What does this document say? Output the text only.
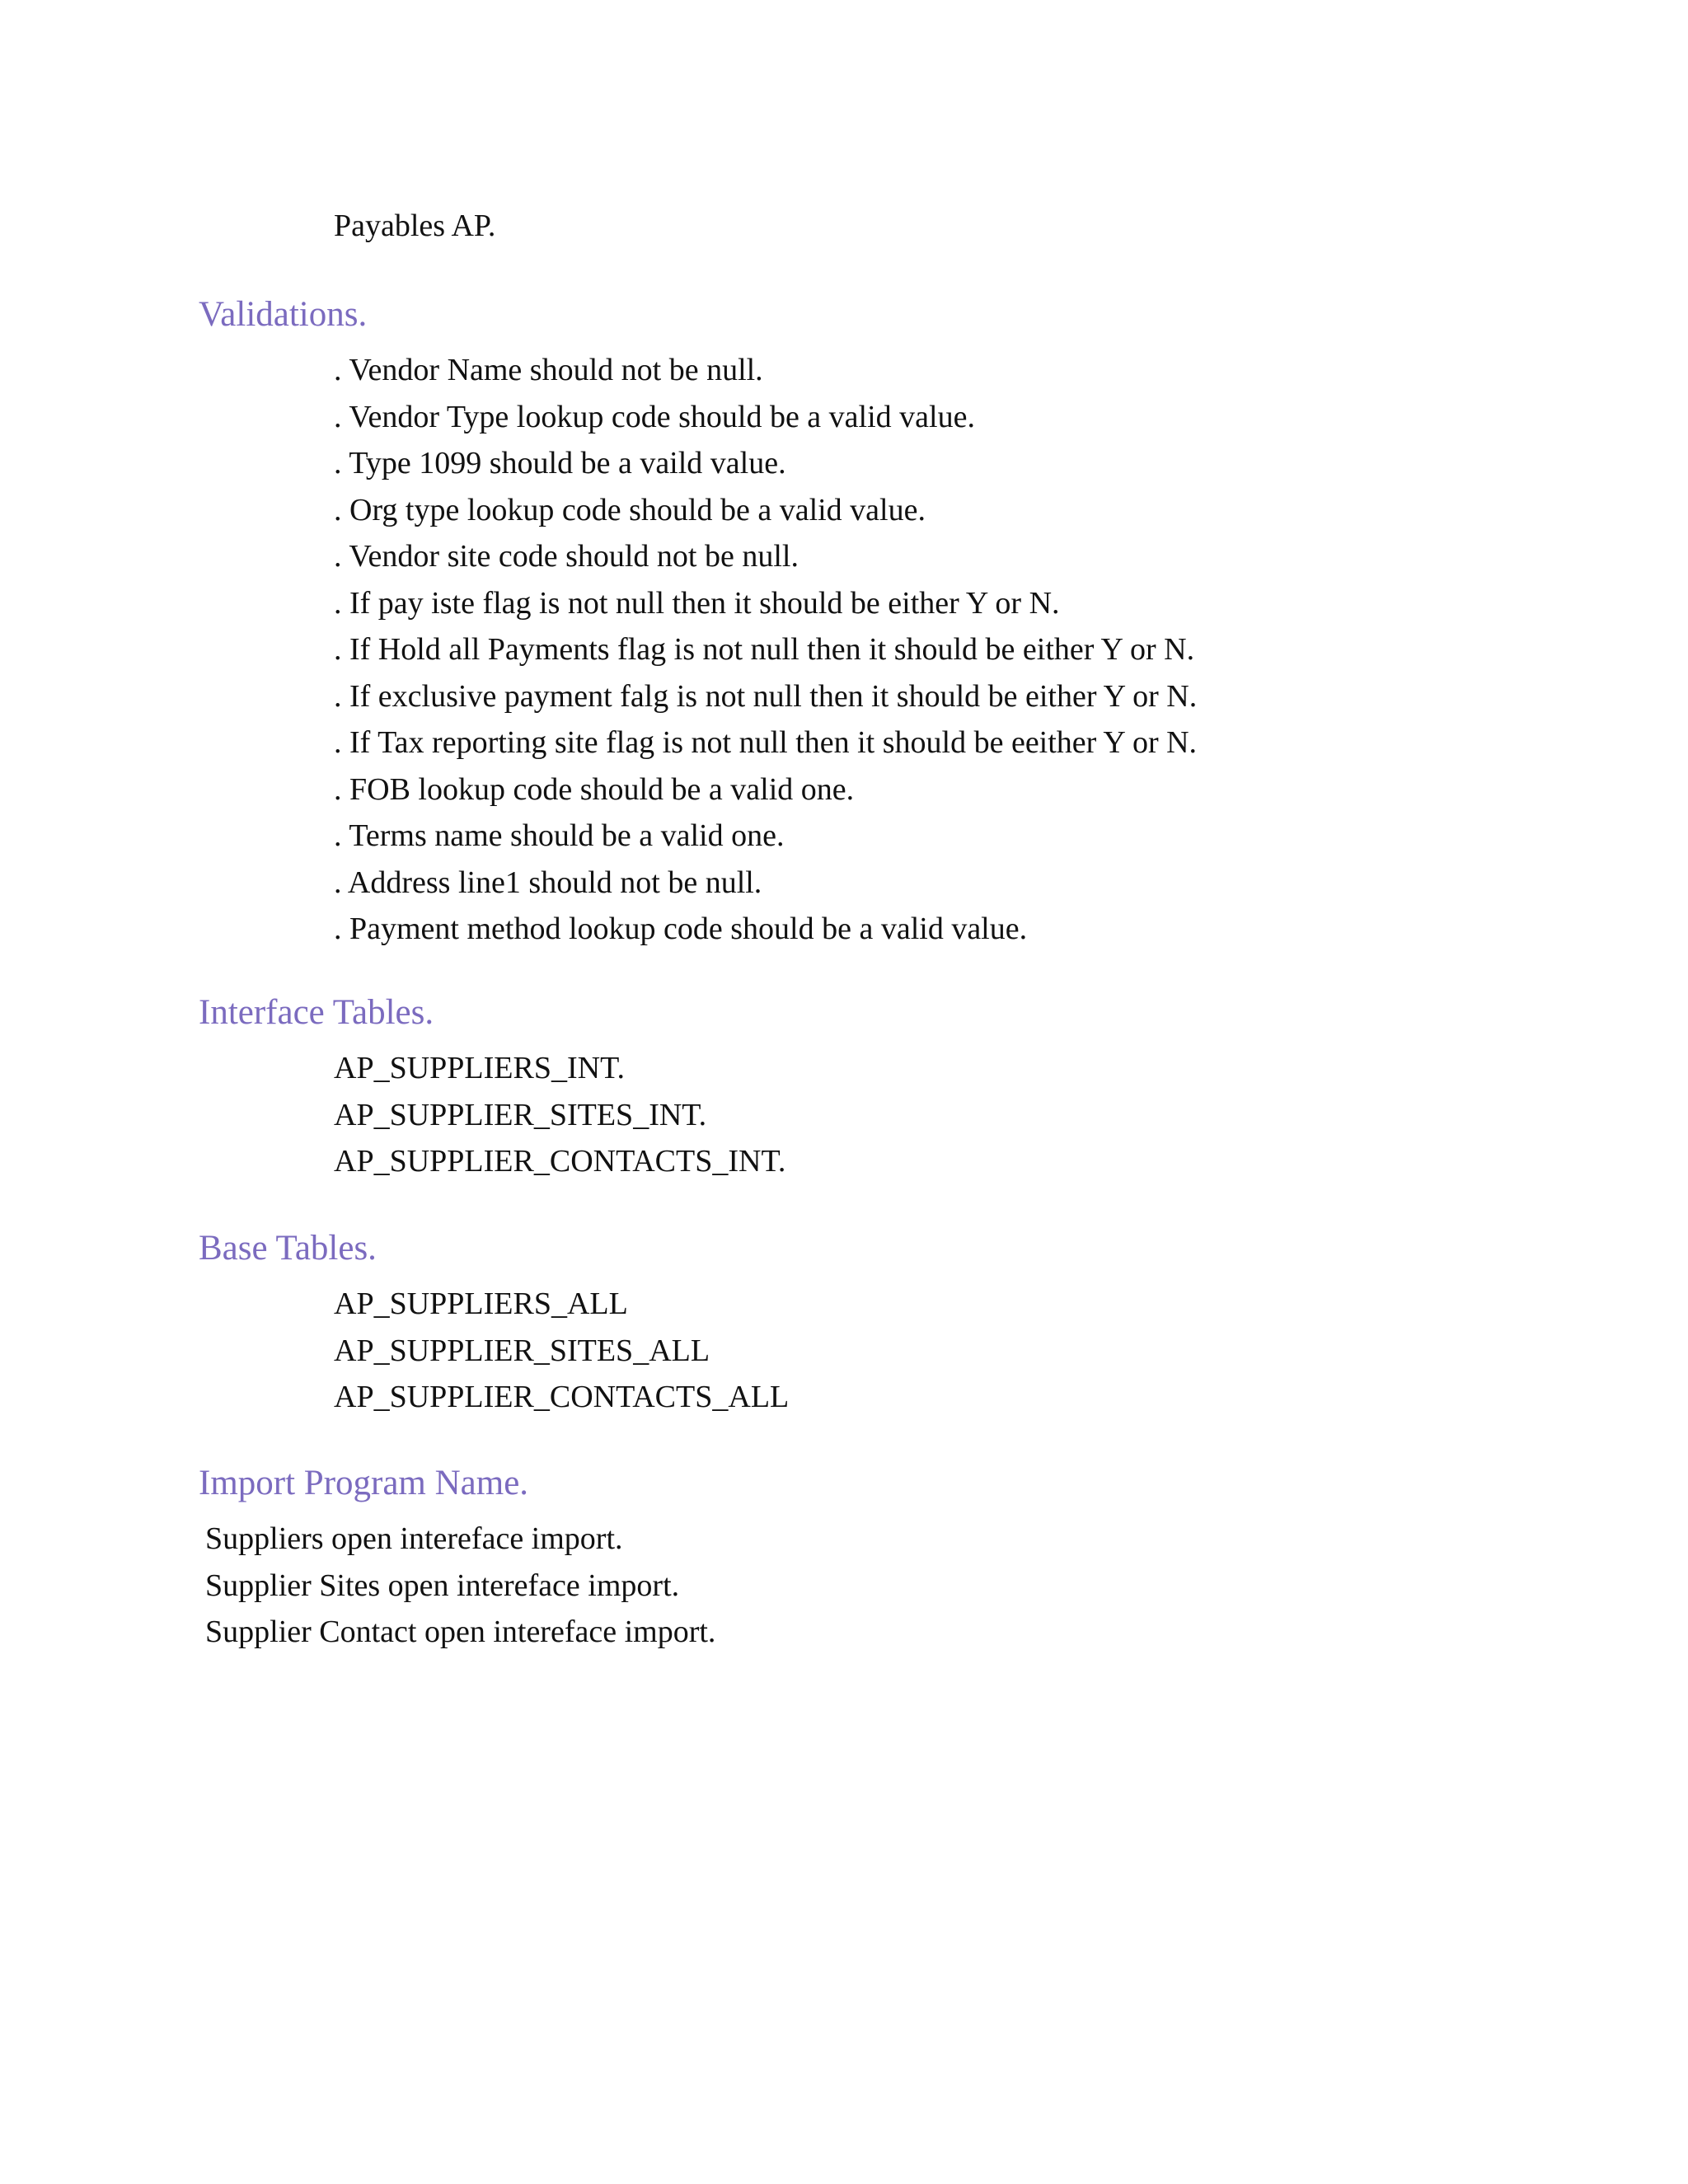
Payables AP.
Validations.
. Vendor Name should not be null.
. Vendor Type lookup code should be a valid value.
. Type 1099 should be a vaild value.
. Org type lookup code should be a valid value.
. Vendor site code should not be null.
. If pay iste flag is not null then it should be either Y or N.
. If Hold all Payments flag is not null then it should be either Y or N.
. If exclusive payment falg is not null then it should be either Y or N.
. If Tax reporting site flag is not null then it should be eeither Y or N.
. FOB lookup code should be a valid one.
. Terms name should be a valid one.
. Address line1 should not be null.
. Payment method lookup code should be a valid value.
Interface Tables.
AP_SUPPLIERS_INT.
AP_SUPPLIER_SITES_INT.
AP_SUPPLIER_CONTACTS_INT.
Base Tables.
AP_SUPPLIERS_ALL
AP_SUPPLIER_SITES_ALL
AP_SUPPLIER_CONTACTS_ALL
Import Program Name.
Suppliers open intereface import.
Supplier Sites open intereface import.
Supplier Contact open intereface import.
